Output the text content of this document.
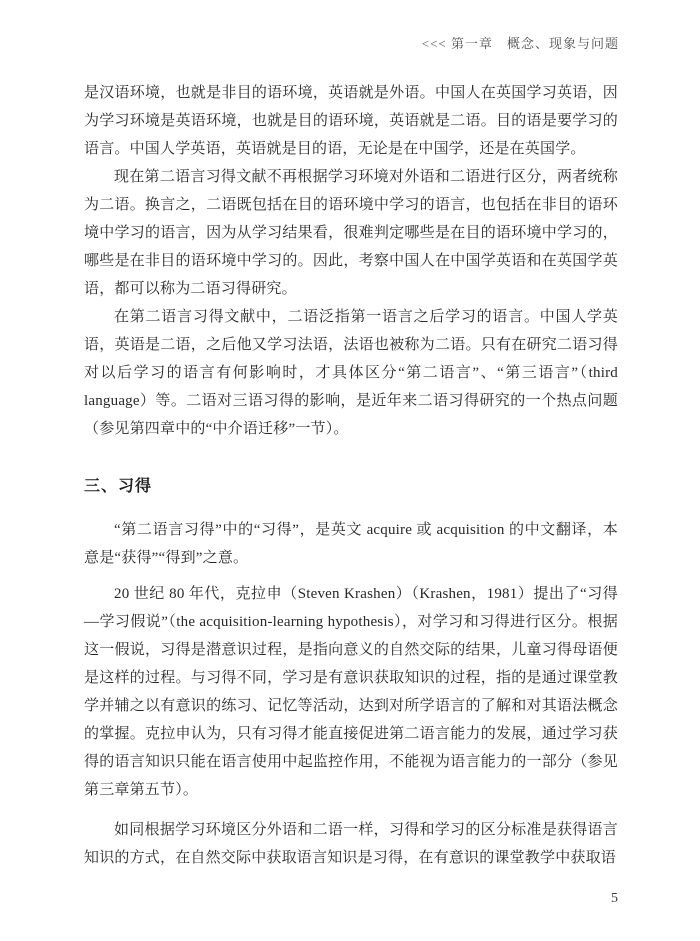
<<< 第一章　概念、现象与问题

是汉语环境，也就是非目的语环境，英语就是外语。中国人在英国学习英语，因为学习环境是英语环境，也就是目的语环境，英语就是二语。目的语是要学习的语言。中国人学英语，英语就是目的语，无论是在中国学，还是在英国学。

现在第二语言习得文献不再根据学习环境对外语和二语进行区分，两者统称为二语。换言之，二语既包括在目的语环境中学习的语言，也包括在非目的语环境中学习的语言，因为从学习结果看，很难判定哪些是在目的语环境中学习的，哪些是在非目的语环境中学习的。因此，考察中国人在中国学英语和在英国学英语，都可以称为二语习得研究。

在第二语言习得文献中，二语泛指第一语言之后学习的语言。中国人学英语，英语是二语，之后他又学习法语，法语也被称为二语。只有在研究二语习得对以后学习的语言有何影响时，才具体区分“第二语言”、“第三语言”（third language）等。二语对三语习得的影响，是近年来二语习得研究的一个热点问题（参见第四章中的“中介语迁移”一节）。

三、习得

“第二语言习得”中的“习得”，是英文 acquire 或 acquisition 的中文翻译，本意是“获得”“得到”之意。

20 世纪 80 年代，克拉申（Steven Krashen）（Krashen，1981）提出了“习得—学习假说”（the acquisition-learning hypothesis），对学习和习得进行区分。根据这一假说，习得是潜意识过程，是指向意义的自然交际的结果，儿童习得母语便是这样的过程。与习得不同，学习是有意识获取知识的过程，指的是通过课堂教学并辅之以有意识的练习、记忆等活动，达到对所学语言的了解和对其语法概念的掌握。克拉申认为，只有习得才能直接促进第二语言能力的发展，通过学习获得的语言知识只能在语言使用中起监控作用，不能视为语言能力的一部分（参见第三章第五节）。

如同根据学习环境区分外语和二语一样，习得和学习的区分标准是获得语言知识的方式，在自然交际中获取语言知识是习得，在有意识的课堂教学中获取语

5
